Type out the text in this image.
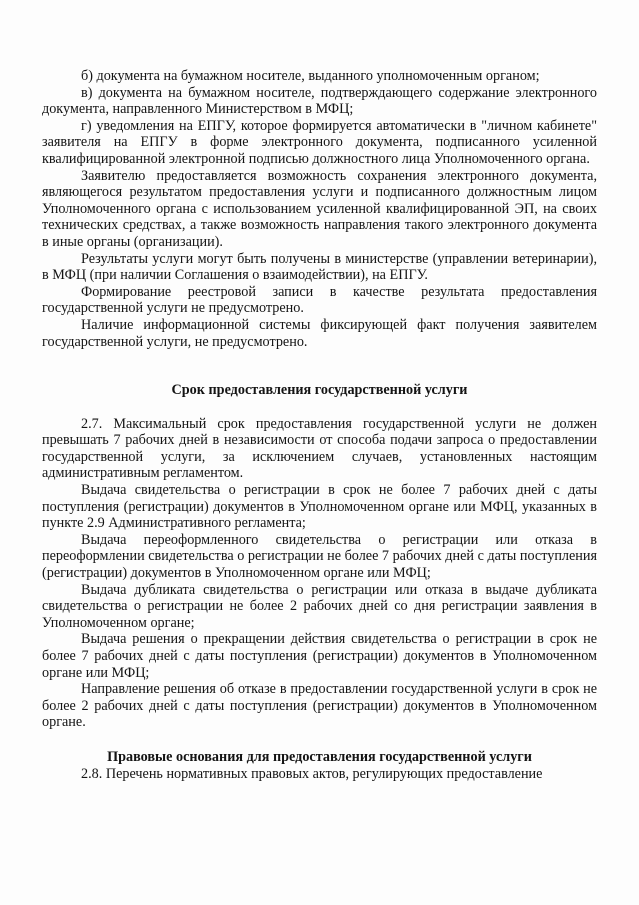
б) документа на бумажном носителе, выданного уполномоченным органом;

в) документа на бумажном носителе, подтверждающего содержание электронного документа, направленного Министерством в МФЦ;

г) уведомления на ЕПГУ, которое формируется автоматически в "личном кабинете" заявителя на ЕПГУ в форме электронного документа, подписанного усиленной квалифицированной электронной подписью должностного лица Уполномоченного органа.

Заявителю предоставляется возможность сохранения электронного документа, являющегося результатом предоставления услуги и подписанного должностным лицом Уполномоченного органа с использованием усиленной квалифицированной ЭП, на своих технических средствах, а также возможность направления такого электронного документа в иные органы (организации).

Результаты услуги могут быть получены в министерстве (управлении ветеринарии), в МФЦ (при наличии Соглашения о взаимодействии), на ЕПГУ.

Формирование реестровой записи в качестве результата предоставления государственной услуги не предусмотрено.

Наличие информационной системы фиксирующей факт получения заявителем государственной услуги, не предусмотрено.

Срок предоставления государственной услуги

2.7. Максимальный срок предоставления государственной услуги не должен превышать 7 рабочих дней в независимости от способа подачи запроса о предоставлении государственной услуги, за исключением случаев, установленных настоящим административным регламентом.

Выдача свидетельства о регистрации в срок не более 7 рабочих дней с даты поступления (регистрации) документов в Уполномоченном органе или МФЦ, указанных в пункте 2.9 Административного регламента;

Выдача переоформленного свидетельства о регистрации или отказа в переоформлении свидетельства о регистрации не более 7 рабочих дней с даты поступления (регистрации) документов в Уполномоченном органе или МФЦ;

Выдача дубликата свидетельства о регистрации или отказа в выдаче дубликата свидетельства о регистрации не более 2 рабочих дней со дня регистрации заявления в Уполномоченном органе;

Выдача решения о прекращении действия свидетельства о регистрации в срок не более 7 рабочих дней с даты поступления (регистрации) документов в Уполномоченном органе или МФЦ;

Направление решения об отказе в предоставлении государственной услуги в срок не более 2 рабочих дней с даты поступления (регистрации) документов в Уполномоченном органе.

Правовые основания для предоставления государственной услуги

2.8. Перечень нормативных правовых актов, регулирующих предоставление
